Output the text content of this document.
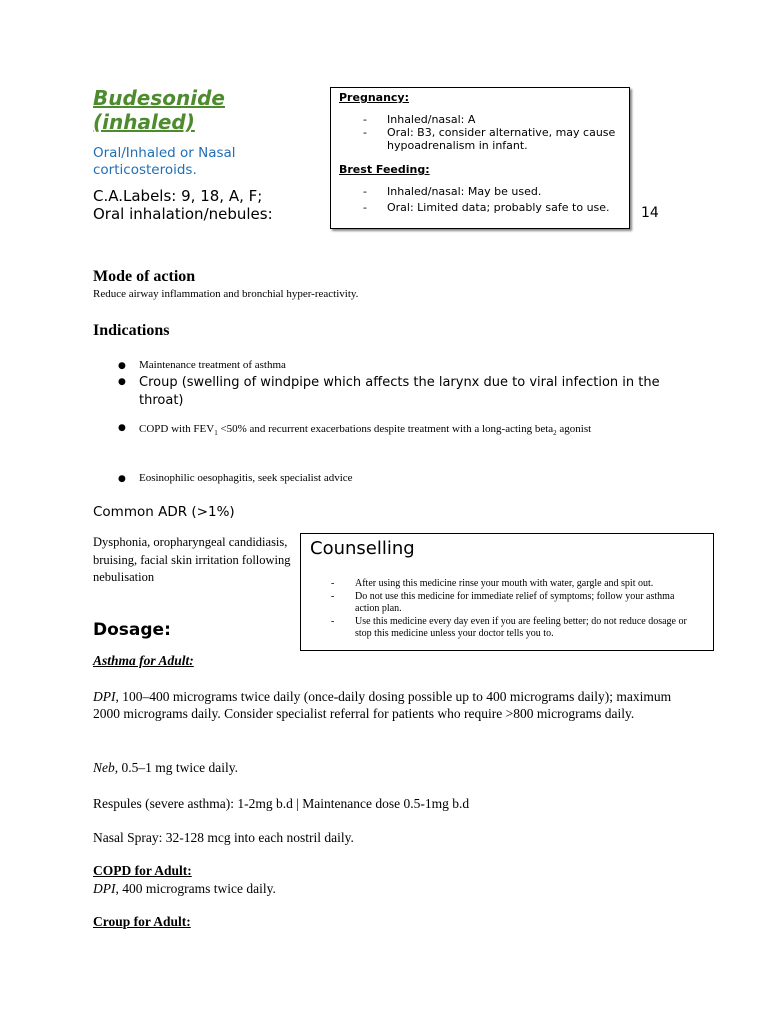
Budesonide
(inhaled)
Oral/Inhaled or Nasal
corticosteroids.
C.A.Labels: 9, 18, A, F;
Oral inhalation/nebules:	14

Pregnancy:

- Inhaled/nasal: A
- Oral: B3, consider alternative, may cause hypoadrenalism in infant.

Brest Feeding:

- Inhaled/nasal: May be used.
- Oral: Limited data; probably safe to use.
Mode of action
Reduce airway inflammation and bronchial hyper-reactivity.
Indications
●	Maintenance treatment of asthma
●	Croup (swelling of windpipe which affects the larynx due to viral infection in the throat)
●	COPD with $FEV_1 <50\%$ and recurrent exacerbations despite treatment with a long-acting beta$_2$ agonist
●	Eosinophilic oesophagitis, seek specialist advice
Common ADR (>1%)
Dysphonia, oropharyngeal candidiasis, bruising, facial skin irritation following nebulisation
Counselling
- After using this medicine rinse your mouth with water, gargle and spit out.
- Do not use this medicine for immediate relief of symptoms; follow your asthma action plan.
- Use this medicine every day even if you are feeling better; do not reduce dosage or stop this medicine unless your doctor tells you to.
Dosage:
Asthma for Adult:
DPI, 100–400 micrograms twice daily (once-daily dosing possible up to 400 micrograms daily); maximum 2000 micrograms daily. Consider specialist referral for patients who require >800 micrograms daily.
Neb, 0.5–1 mg twice daily.
Respules (severe asthma): 1-2mg b.d | Maintenance dose 0.5-1mg b.d
Nasal Spray: 32-128 mcg into each nostril daily.
COPD for Adult:
DPI, 400 micrograms twice daily.
Croup for Adult:
